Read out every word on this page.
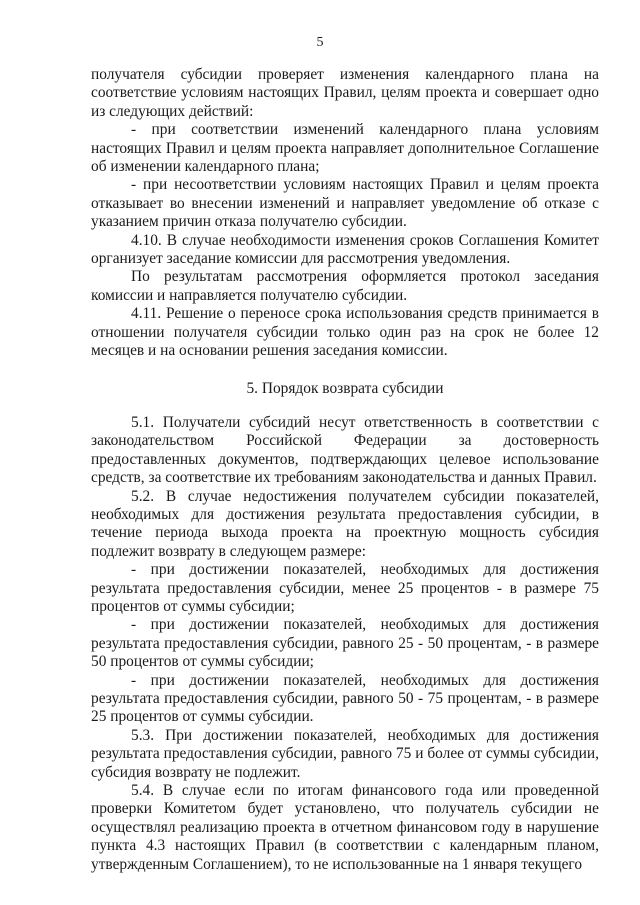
5

получателя субсидии проверяет изменения календарного плана на соответствие условиям настоящих Правил, целям проекта и совершает одно из следующих действий:

- при соответствии изменений календарного плана условиям настоящих Правил и целям проекта направляет дополнительное Соглашение об изменении календарного плана;

- при несоответствии условиям настоящих Правил и целям проекта отказывает во внесении изменений и направляет уведомление об отказе с указанием причин отказа получателю субсидии.

4.10. В случае необходимости изменения сроков Соглашения Комитет организует заседание комиссии для рассмотрения уведомления.

По результатам рассмотрения оформляется протокол заседания комиссии и направляется получателю субсидии.

4.11. Решение о переносе срока использования средств принимается в отношении получателя субсидии только один раз на срок не более 12 месяцев и на основании решения заседания комиссии.

5. Порядок возврата субсидии

5.1. Получатели субсидий несут ответственность в соответствии с законодательством Российской Федерации за достоверность предоставленных документов, подтверждающих целевое использование средств, за соответствие их требованиям законодательства и данных Правил.

5.2. В случае недостижения получателем субсидии показателей, необходимых для достижения результата предоставления субсидии, в течение периода выхода проекта на проектную мощность субсидия подлежит возврату в следующем размере:

- при достижении показателей, необходимых для достижения результата предоставления субсидии, менее 25 процентов - в размере 75 процентов от суммы субсидии;

- при достижении показателей, необходимых для достижения результата предоставления субсидии, равного 25 - 50 процентам, - в размере 50 процентов от суммы субсидии;

- при достижении показателей, необходимых для достижения результата предоставления субсидии, равного 50 - 75 процентам, - в размере 25 процентов от суммы субсидии.

5.3. При достижении показателей, необходимых для достижения результата предоставления субсидии, равного 75 и более от суммы субсидии, субсидия возврату не подлежит.

5.4. В случае если по итогам финансового года или проведенной проверки Комитетом будет установлено, что получатель субсидии не осуществлял реализацию проекта в отчетном финансовом году в нарушение пункта 4.3 настоящих Правил (в соответствии с календарным планом, утвержденным Соглашением), то не использованные на 1 января текущего
